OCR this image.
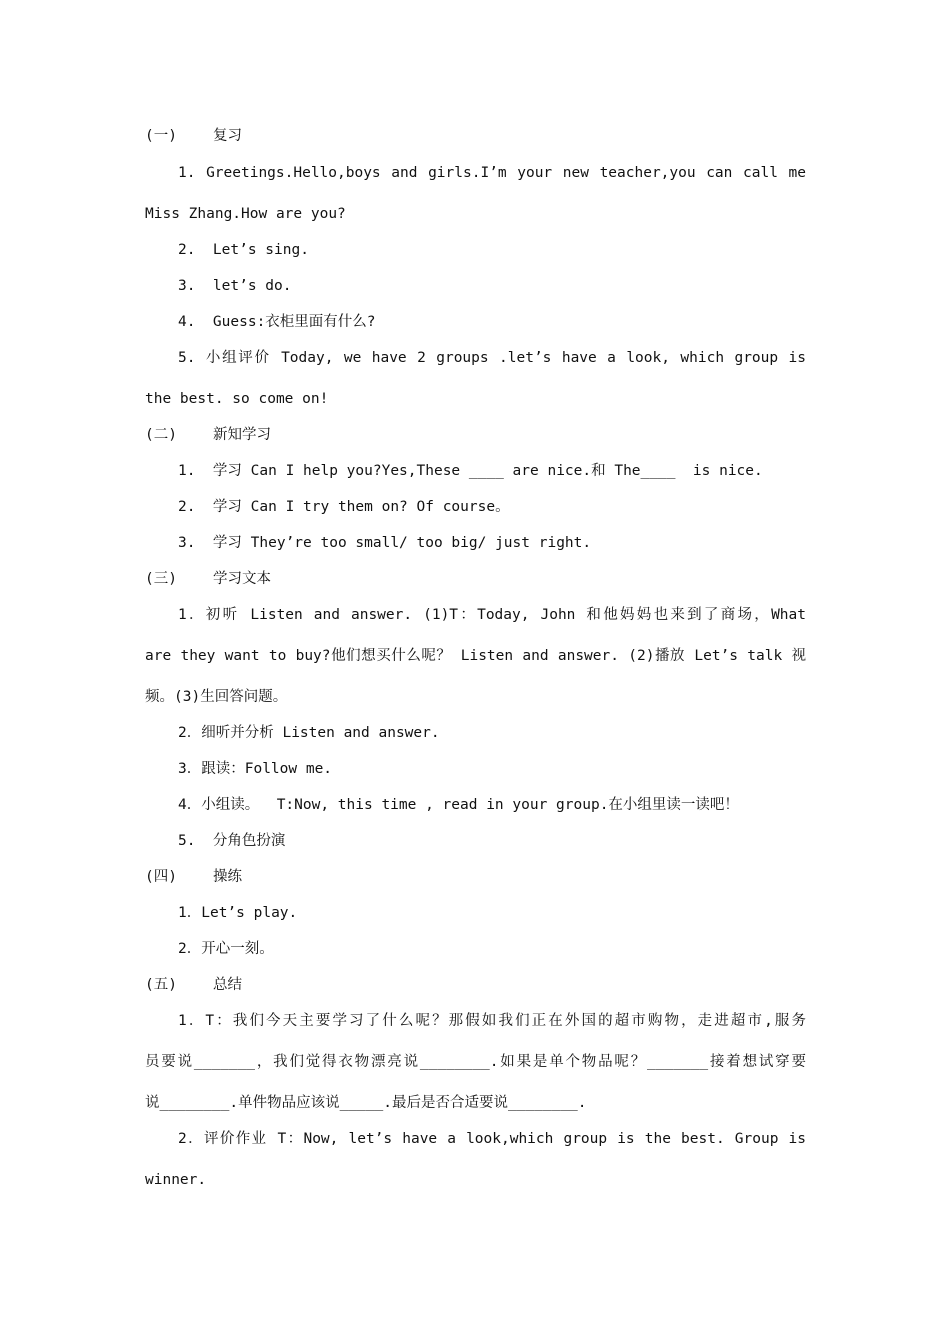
(一) 复习
1. Greetings.Hello,boys and girls.I’m your new teacher,you can call me
Miss Zhang.How are you?
2.  Let’s sing.
3.  let’s do.
4.  Guess:衣柜里面有什么?
5. 小组评价 Today, we have 2 groups .let’s have a look, which group is
the best. so come on!
(二) 新知学习
1.  学习 Can I help you?Yes,These ____ are nice.和 The____  is nice.
2.  学习 Can I try them on? Of course。
3.  学习 They’re too small/ too big/ just right.
(三) 学习文本
1．初听 Listen and answer. (1)T：Today, John 和他妈妈也来到了商场，What
are they want to buy?他们想买什么呢？ Listen and answer. (2)播放 Let’s talk 视
频。(3)生回答问题。
2．细听并分析 Listen and answer.
3．跟读：Follow me.
4．小组读。  T:Now, this time , read in your group.在小组里读一读吧！
5.  分角色扮演
(四) 操练
1．Let’s play.
2．开心一刻。
(五) 总结
1．T：我们今天主要学习了什么呢？那假如我们正在外国的超市购物，走进超市,服务
员要说_______，我们觉得衣物漂亮说________.如果是单个物品呢？_______接着想试穿要
说________.单件物品应该说_____.最后是否合适要说________.
2．评价作业 T：Now, let’s have a look,which group is the best. Group is
winner.
